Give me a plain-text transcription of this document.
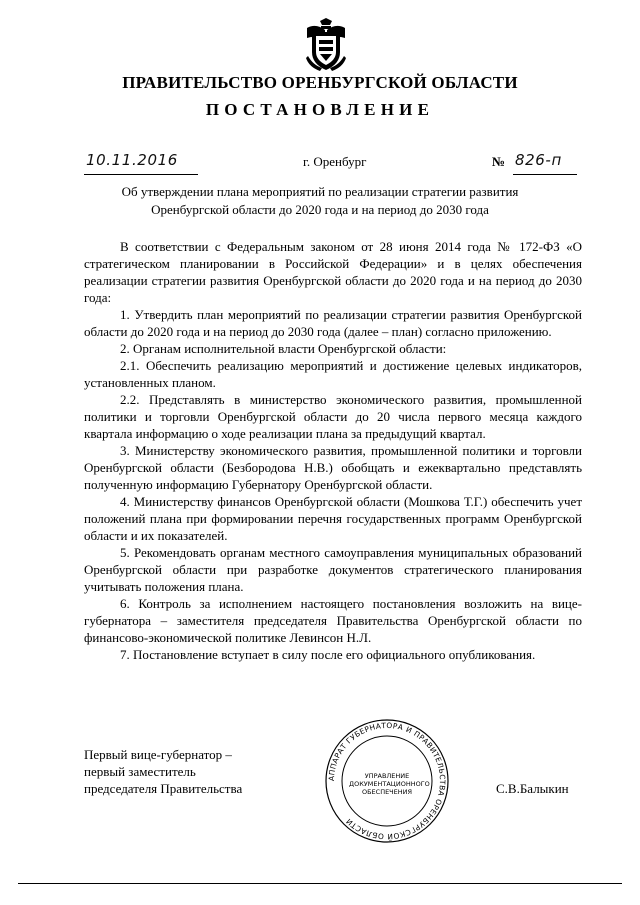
ПРАВИТЕЛЬСТВО ОРЕНБУРГСКОЙ ОБЛАСТИ
ПОСТАНОВЛЕНИЕ
10.11.2016	г. Оренбург	№ 826-п
Об утверждении плана мероприятий по реализации стратегии развития
Оренбургской области до 2020 года и на период до 2030 года

В соответствии с Федеральным законом от 28 июня 2014 года № 172-ФЗ «О стратегическом планировании в Российской Федерации» и в целях обеспечения реализации стратегии развития Оренбургской области до 2020 года и на период до 2030 года:

1. Утвердить план мероприятий по реализации стратегии развития Оренбургской области до 2020 года и на период до 2030 года (далее – план) согласно приложению.

2. Органам исполнительной власти Оренбургской области:

2.1. Обеспечить реализацию мероприятий и достижение целевых индикаторов, установленных планом.

2.2. Представлять в министерство экономического развития, промышленной политики и торговли Оренбургской области до 20 числа первого месяца каждого квартала информацию о ходе реализации плана за предыдущий квартал.

3. Министерству экономического развития, промышленной политики и торговли Оренбургской области (Безбородова Н.В.) обобщать и ежеквартально представлять полученную информацию Губернатору Оренбургской области.

4. Министерству финансов Оренбургской области (Мошкова Т.Г.) обеспечить учет положений плана при формировании перечня государственных программ Оренбургской области и их показателей.

5. Рекомендовать органам местного самоуправления муниципальных образований Оренбургской области при разработке документов стратегического планирования учитывать положения плана.

6. Контроль за исполнением настоящего постановления возложить на вице-губернатора – заместителя председателя Правительства Оренбургской области по финансово-экономической политике Левинсон Н.Л.

7. Постановление вступает в силу после его официального опубликования.

Первый вице-губернатор –
первый заместитель
председателя Правительства
АППАРАТ ГУБЕРНАТОРА И ПРАВИТЕЛЬСТВА ОРЕНБУРГСКОЙ ОБЛАСТИ
УПРАВЛЕНИЕ
ДОКУМЕНТАЦИОННОГО
ОБЕСПЕЧЕНИЯ	С.В.Балыкин
